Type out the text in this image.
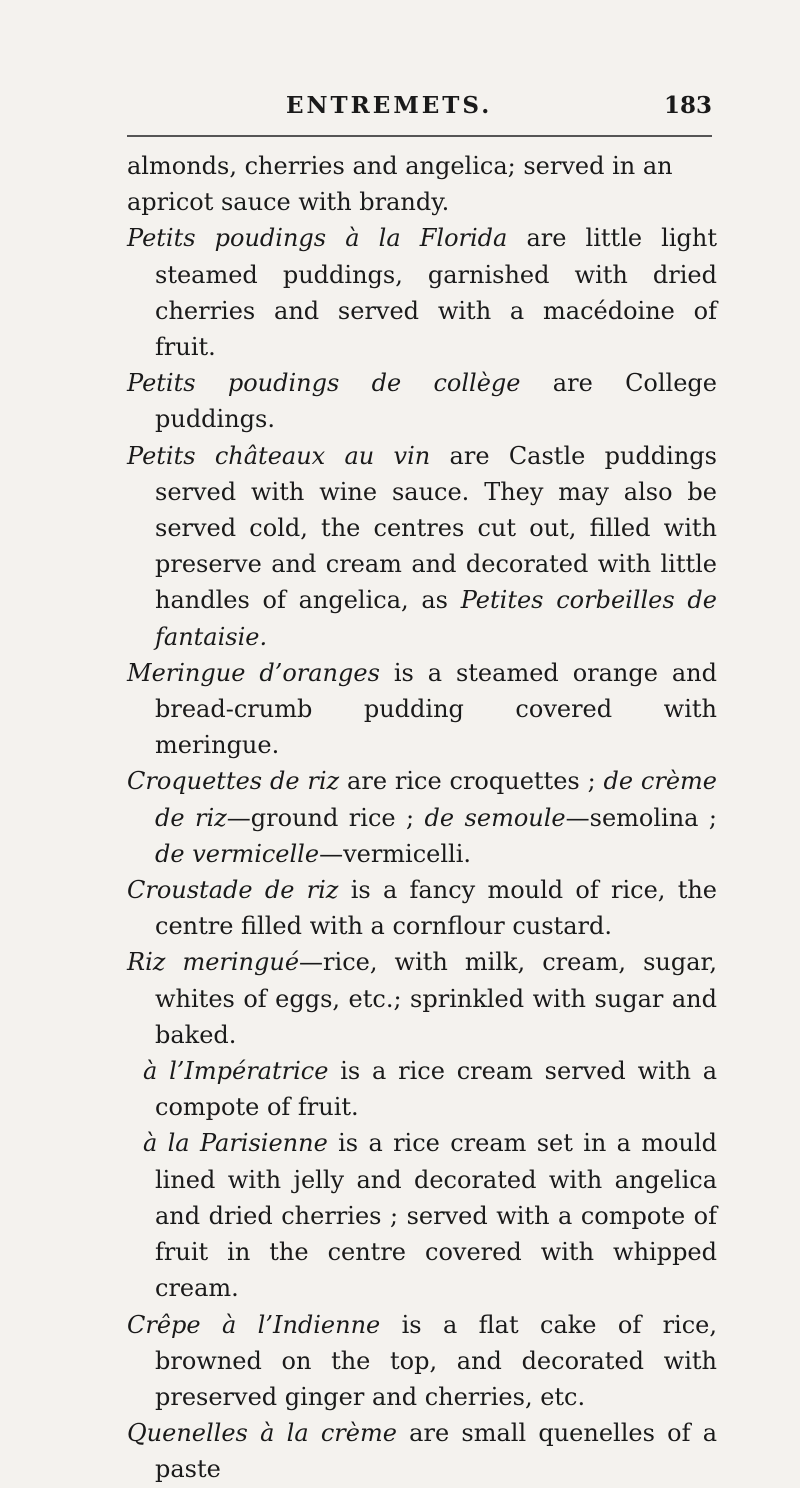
ENTREMETS.	183

almonds, cherries and angelica; served in an apricot sauce with brandy.

Petits poudings à la Florida are little light steamed puddings, garnished with dried cherries and served with a macédoine of fruit.

Petits poudings de collège are College puddings.

Petits châteaux au vin are Castle puddings served with wine sauce. They may also be served cold, the centres cut out, filled with preserve and cream and decorated with little handles of angelica, as Petites corbeilles de fantaisie.

Meringue d’oranges is a steamed orange and bread-crumb pudding covered with meringue.

Croquettes de riz are rice croquettes ; de crème de riz—ground rice ; de semoule—semolina ; de vermicelle—vermicelli.

Croustade de riz is a fancy mould of rice, the centre filled with a cornflour custard.

Riz meringué—rice, with milk, cream, sugar, whites of eggs, etc.; sprinkled with sugar and baked.

à l’Impératrice is a rice cream served with a compote of fruit.

à la Parisienne is a rice cream set in a mould lined with jelly and decorated with angelica and dried cherries ; served with a compote of fruit in the centre covered with whipped cream.

Crêpe à l’Indienne is a flat cake of rice, browned on the top, and decorated with preserved ginger and cherries, etc.

Quenelles à la crème are small quenelles of a paste
